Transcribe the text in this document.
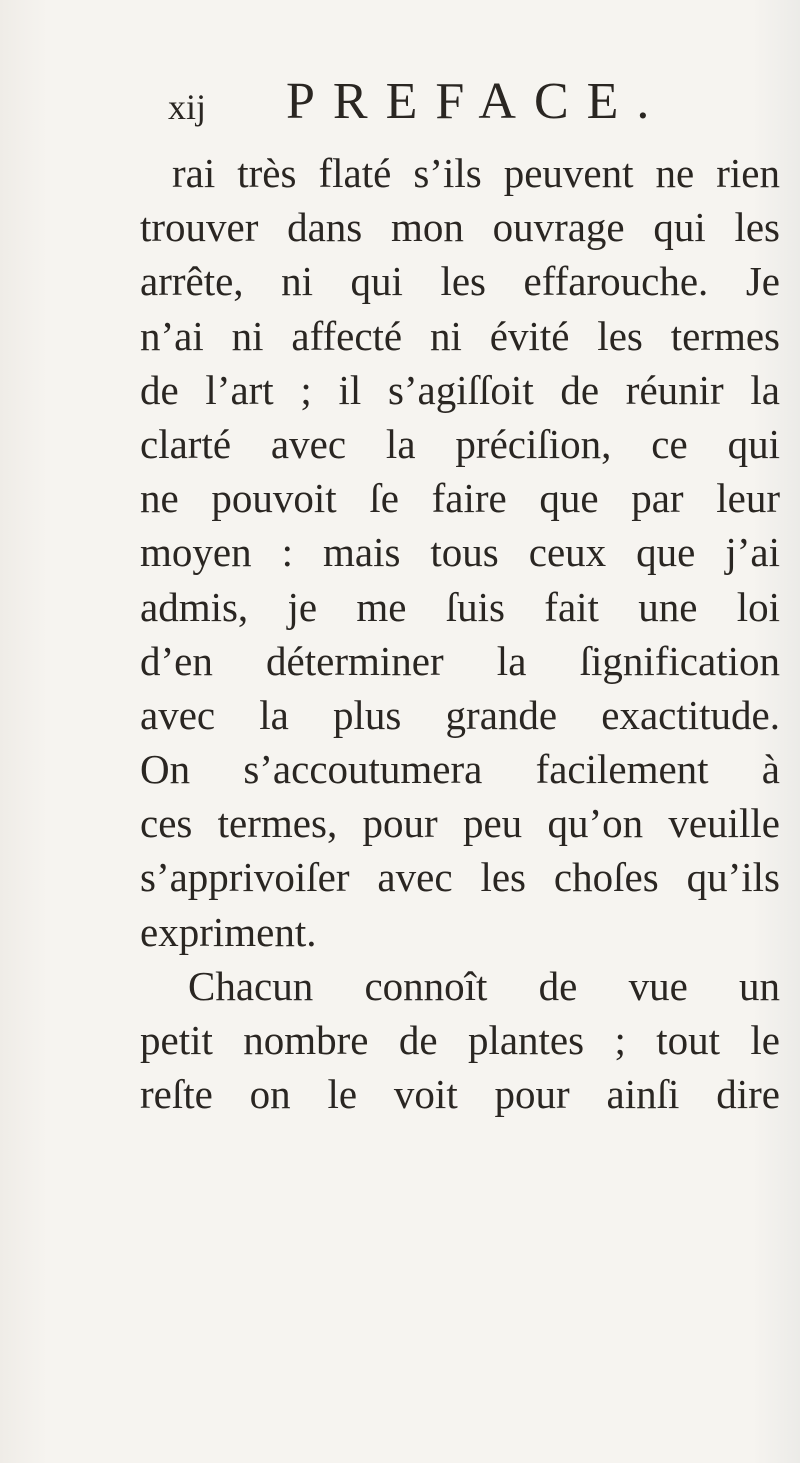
xij PREFACE.
rai très flaté s’ils peuvent ne rien
trouver dans mon ouvrage qui les
arrête, ni qui les effarouche. Je
n’ai ni affecté ni évité les termes
de l’art ; il s’agiſſoit de réunir la
clarté avec la préciſion, ce qui
ne pouvoit ſe faire que par leur
moyen : mais tous ceux que j’ai
admis, je me ſuis fait une loi
d’en déterminer la ſignification
avec la plus grande exactitude.
On s’accoutumera facilement à
ces termes, pour peu qu’on veuille
s’apprivoiſer avec les choſes qu’ils
expriment.
Chacun connoît de vue un
petit nombre de plantes ; tout le
reſte on le voit pour ainſi dire
